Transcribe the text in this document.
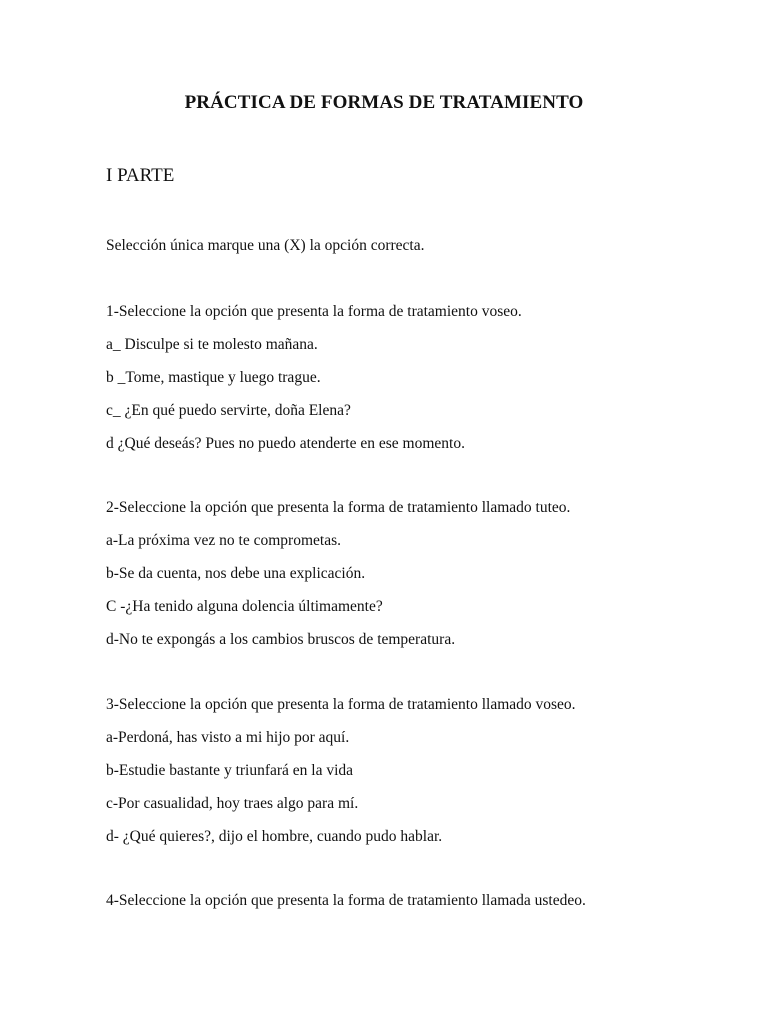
PRÁCTICA DE FORMAS DE TRATAMIENTO
I PARTE
Selección única marque una (X) la opción correcta.
1-Seleccione la opción que presenta la forma de tratamiento voseo.
a_ Disculpe si te molesto mañana.
b _Tome, mastique y luego trague.
c_ ¿En qué puedo servirte, doña Elena?
d ¿Qué deseás? Pues no puedo atenderte en ese momento.
2-Seleccione la opción que presenta la forma de tratamiento llamado tuteo.
a-La próxima vez no te comprometas.
b-Se da cuenta, nos debe una explicación.
C -¿Ha tenido alguna dolencia últimamente?
d-No te expongás a los cambios bruscos de temperatura.
3-Seleccione la opción que presenta la forma de tratamiento llamado voseo.
a-Perdoná, has visto a mi hijo por aquí.
b-Estudie bastante y triunfará en la vida
c-Por casualidad, hoy traes algo para mí.
d- ¿Qué quieres?, dijo el hombre, cuando pudo hablar.
4-Seleccione la opción que presenta la forma de tratamiento llamada ustedeo.
